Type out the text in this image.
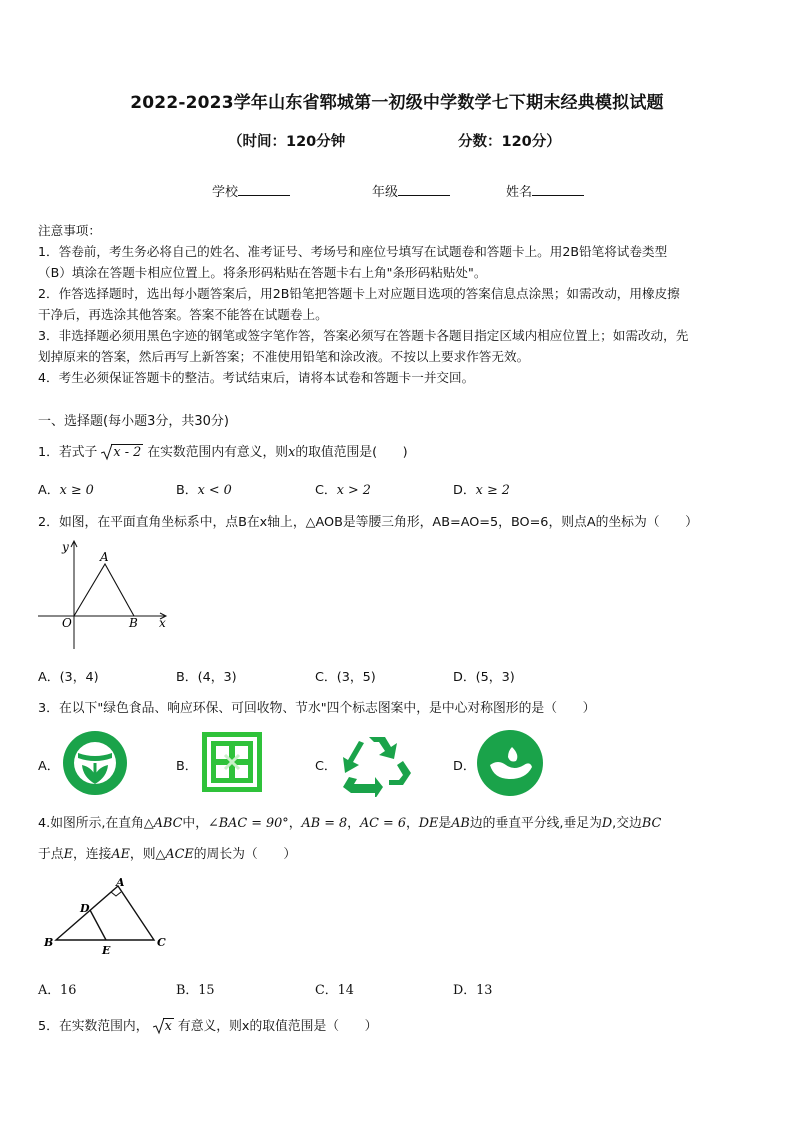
2022-2023学年山东省郓城第一初级中学数学七下期末经典模拟试题
（时间：120分钟	分数：120分）
学校	年级	姓名
注意事项：
1．答卷前，考生务必将自己的姓名、准考证号、考场号和座位号填写在试题卷和答题卡上。用2B铅笔将试卷类型
（B）填涂在答题卡相应位置上。将条形码粘贴在答题卡右上角"条形码粘贴处"。
2．作答选择题时，选出每小题答案后，用2B铅笔把答题卡上对应题目选项的答案信息点涂黑；如需改动，用橡皮擦
干净后，再选涂其他答案。答案不能答在试题卷上。
3．非选择题必须用黑色字迹的钢笔或签字笔作答，答案必须写在答题卡各题目指定区域内相应位置上；如需改动，先
划掉原来的答案，然后再写上新答案；不准使用铅笔和涂改液。不按以上要求作答无效。
4．考生必须保证答题卡的整洁。考试结束后，请将本试卷和答题卡一并交回。
一、选择题(每小题3分，共30分)
1．若式子 x - 2 在实数范围内有意义，则x的取值范围是(　　)
A．x ≥ 0	B．x < 0	C．x > 2	D．x ≥ 2
2．如图，在平面直角坐标系中，点B在x轴上，△AOB是等腰三角形，AB=AO=5，BO=6，则点A的坐标为（　　）
y
A
O	B x
A．(3，4)	B．(4，3)	C．(3，5)	D．(5，3)
3．在以下"绿色食品、响应环保、可回收物、节水"四个标志图案中，是中心对称图形的是（　　）
A．	B．	C．	D．
4.如图所示,在直角△ABC中，∠BAC = 90°，AB = 8，AC = 6，DE是AB边的垂直平分线,垂足为D,交边BC
于点E，连接AE，则△ACE的周长为（　　）
A
D
B
E
C
A．16	B．15	C．14	D．13
5．在实数范围内， x 有意义，则x的取值范围是（　　）
